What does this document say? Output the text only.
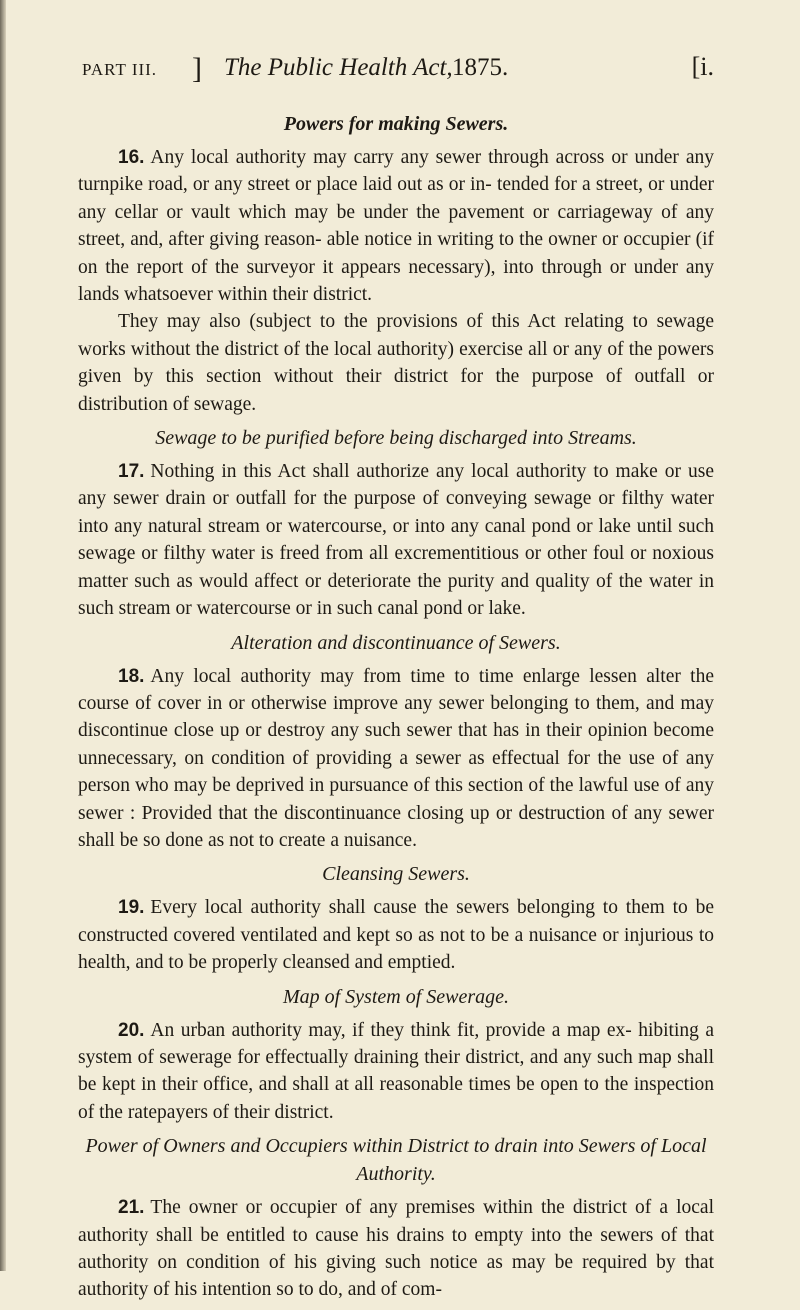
PART III. ] The Public Health Act, 1875.	[i.
Powers for making Sewers.

16. Any local authority may carry any sewer through across or under any turnpike road, or any street or place laid out as or in- tended for a street, or under any cellar or vault which may be under the pavement or carriageway of any street, and, after giving reason- able notice in writing to the owner or occupier (if on the report of the surveyor it appears necessary), into through or under any lands whatsoever within their district.

They may also (subject to the provisions of this Act relating to sewage works without the district of the local authority) exercise all or any of the powers given by this section without their district for the purpose of outfall or distribution of sewage.

Sewage to be purified before being discharged into Streams.

17. Nothing in this Act shall authorize any local authority to make or use any sewer drain or outfall for the purpose of conveying sewage or filthy water into any natural stream or watercourse, or into any canal pond or lake until such sewage or filthy water is freed from all excrementitious or other foul or noxious matter such as would affect or deteriorate the purity and quality of the water in such stream or watercourse or in such canal pond or lake.

Alteration and discontinuance of Sewers.

18. Any local authority may from time to time enlarge lessen alter the course of cover in or otherwise improve any sewer belonging to them, and may discontinue close up or destroy any such sewer that has in their opinion become unnecessary, on condition of providing a sewer as effectual for the use of any person who may be deprived in pursuance of this section of the lawful use of any sewer : Provided that the discontinuance closing up or destruction of any sewer shall be so done as not to create a nuisance.

Cleansing Sewers.

19. Every local authority shall cause the sewers belonging to them to be constructed covered ventilated and kept so as not to be a nuisance or injurious to health, and to be properly cleansed and emptied.

Map of System of Sewerage.

20. An urban authority may, if they think fit, provide a map ex- hibiting a system of sewerage for effectually draining their district, and any such map shall be kept in their office, and shall at all reasonable times be open to the inspection of the ratepayers of their district.

Power of Owners and Occupiers within District to drain into Sewers of Local Authority.

21. The owner or occupier of any premises within the district of a local authority shall be entitled to cause his drains to empty into the sewers of that authority on condition of his giving such notice as may be required by that authority of his intention so to do, and of com-
